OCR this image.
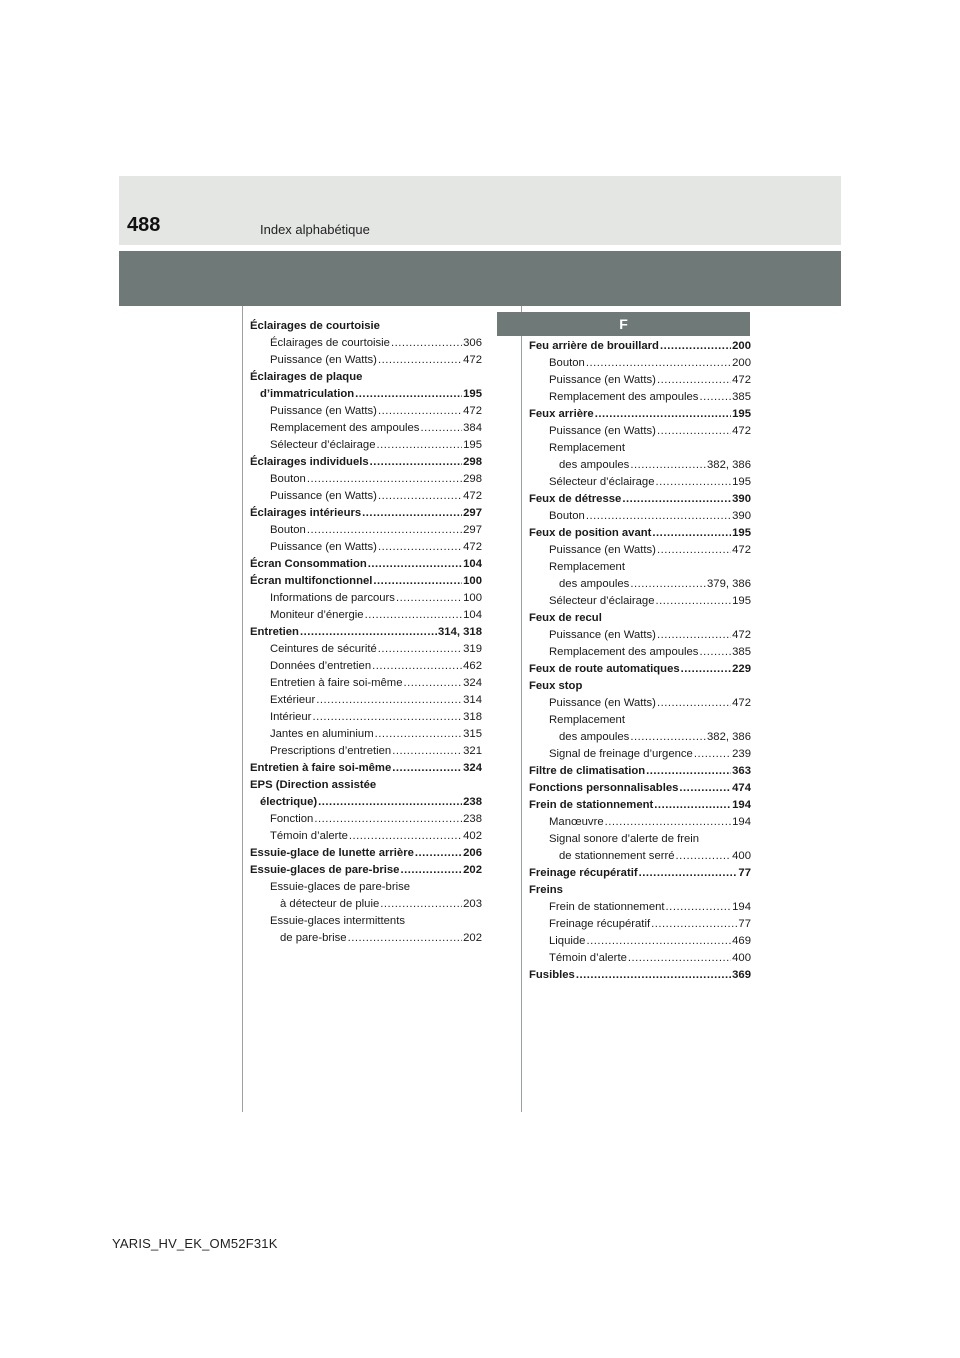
488	Index alphabétique
F
Éclairages de courtoisie
Éclairages de courtoisie .....	306
Puissance (en Watts) .....	472
Éclairages de plaque
d’immatriculation .....	195
Puissance (en Watts) .....	472
Remplacement des ampoules .....	384
Sélecteur d’éclairage .....	195
Éclairages individuels .....	298
Bouton .....	298
Puissance (en Watts) .....	472
Éclairages intérieurs .....	297
Bouton .....	297
Puissance (en Watts) .....	472
Écran Consommation .....	104
Écran multifonctionnel .....	100
Informations de parcours .....	100
Moniteur d’énergie .....	104
Entretien .....	314, 318
Ceintures de sécurité .....	319
Données d’entretien .....	462
Entretien à faire soi-même .....	324
Extérieur .....	314
Intérieur .....	318
Jantes en aluminium .....	315
Prescriptions d’entretien .....	321
Entretien à faire soi-même .....	324
EPS (Direction assistée
électrique) .....	238
Fonction .....	238
Témoin d’alerte .....	402
Essuie-glace de lunette arrière .....	206
Essuie-glaces de pare-brise .....	202
Essuie-glaces de pare-brise
à détecteur de pluie .....	203
Essuie-glaces intermittents
de pare-brise .....	202
Feu arrière de brouillard .....	200
Bouton .....	200
Puissance (en Watts) .....	472
Remplacement des ampoules .....	385
Feux arrière .....	195
Puissance (en Watts) .....	472
Remplacement
des ampoules .....	382, 386
Sélecteur d’éclairage .....	195
Feux de détresse .....	390
Bouton .....	390
Feux de position avant .....	195
Puissance (en Watts) .....	472
Remplacement
des ampoules .....	379, 386
Sélecteur d’éclairage .....	195
Feux de recul
Puissance (en Watts) .....	472
Remplacement des ampoules .....	385
Feux de route automatiques .....	229
Feux stop
Puissance (en Watts) .....	472
Remplacement
des ampoules .....	382, 386
Signal de freinage d’urgence .....	239
Filtre de climatisation .....	363
Fonctions personnalisables .....	474
Frein de stationnement .....	194
Manœuvre .....	194
Signal sonore d’alerte de frein
de stationnement serré .....	400
Freinage récupératif .....	77
Freins
Frein de stationnement .....	194
Freinage récupératif .....	77
Liquide .....	469
Témoin d’alerte .....	400
Fusibles .....	369
YARIS_HV_EK_OM52F31K
